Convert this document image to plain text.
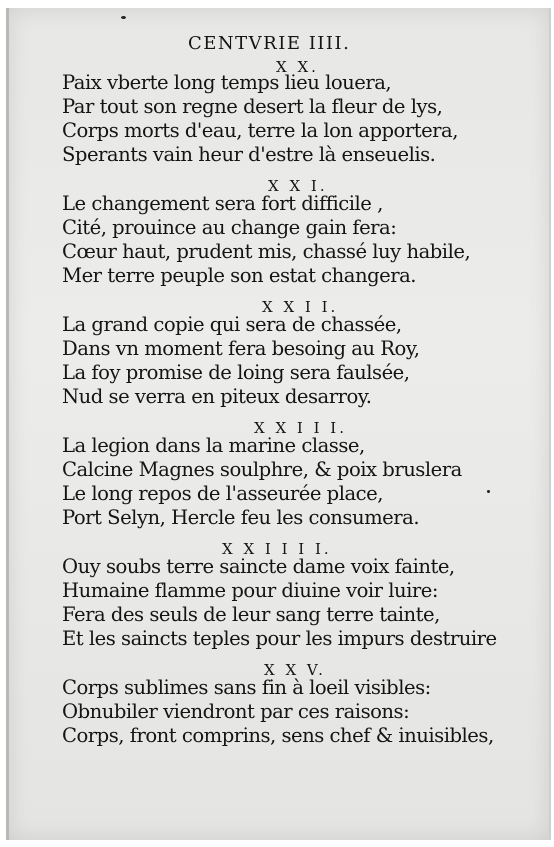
CENTVRIE IIII.
X X.
Paix vberte long temps lieu louera,
Par tout son regne desert la fleur de lys,
Corps morts d'eau, terre la lon apportera,
Sperants vain heur d'estre là enseuelis.
X X I.
Le changement sera fort difficile ,
Cité, prouince au change gain fera:
Cœur haut, prudent mis, chassé luy habile,
Mer terre peuple son estat changera.
X X I I.
La grand copie qui sera de chassée,
Dans vn moment fera besoing au Roy,
La foy promise de loing sera faulsée,
Nud se verra en piteux desarroy.
X X I I I.
La legion dans la marine classe,
Calcine Magnes soulphre, & poix bruslera
Le long repos de l'asseurée place,
Port Selyn, Hercle feu les consumera.
X X I I I I.
Ouy soubs terre saincte dame voix fainte,
Humaine flamme pour diuine voir luire:
Fera des seuls de leur sang terre tainte,
Et les saincts teples pour les impurs destruire
X X V.
Corps sublimes sans fin à loeil visibles:
Obnubiler viendront par ces raisons:
Corps, front comprins, sens chef & inuisibles,
